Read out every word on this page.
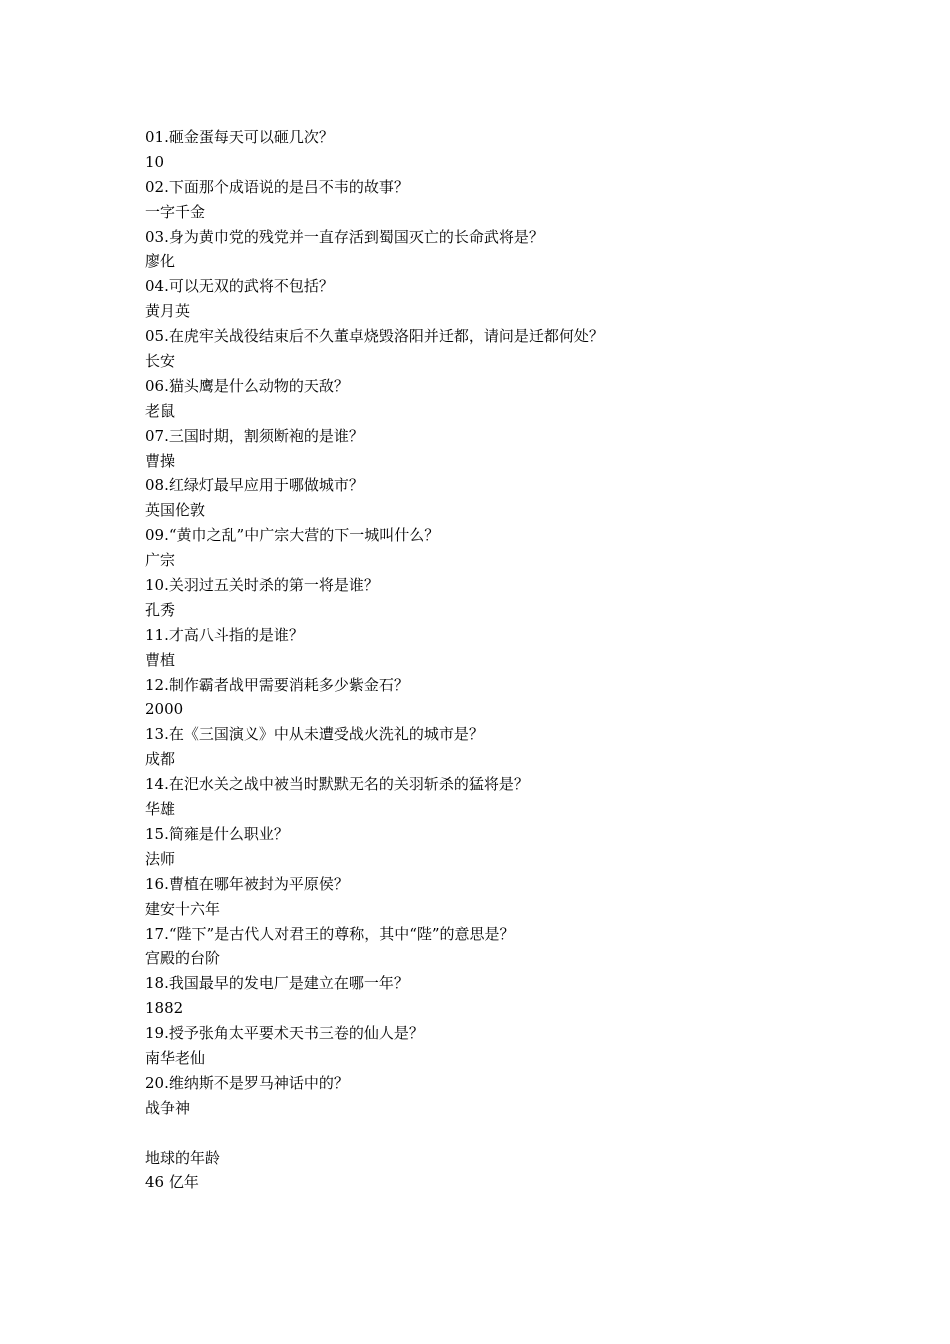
01.砸金蛋每天可以砸几次？
10
02.下面那个成语说的是吕不韦的故事？
一字千金
03.身为黄巾党的残党并一直存活到蜀国灭亡的长命武将是？
廖化
04.可以无双的武将不包括？
黄月英
05.在虎牢关战役结束后不久董卓烧毁洛阳并迁都，请问是迁都何处？
长安
06.猫头鹰是什么动物的天敌？
老鼠
07.三国时期，割须断袍的是谁？
曹操
08.红绿灯最早应用于哪做城市？
英国伦敦
09.“黄巾之乱”中广宗大营的下一城叫什么？
广宗
10.关羽过五关时杀的第一将是谁？
孔秀
11.才高八斗指的是谁？
曹植
12.制作霸者战甲需要消耗多少紫金石？
2000
13.在《三国演义》中从未遭受战火洗礼的城市是？
成都
14.在汜水关之战中被当时默默无名的关羽斩杀的猛将是？
华雄
15.简雍是什么职业？
法师
16.曹植在哪年被封为平原侯？
建安十六年
17.“陛下”是古代人对君王的尊称，其中“陛”的意思是？
宫殿的台阶
18.我国最早的发电厂是建立在哪一年？
1882
19.授予张角太平要术天书三卷的仙人是？
南华老仙
20.维纳斯不是罗马神话中的？
战争神
地球的年龄
46 亿年
